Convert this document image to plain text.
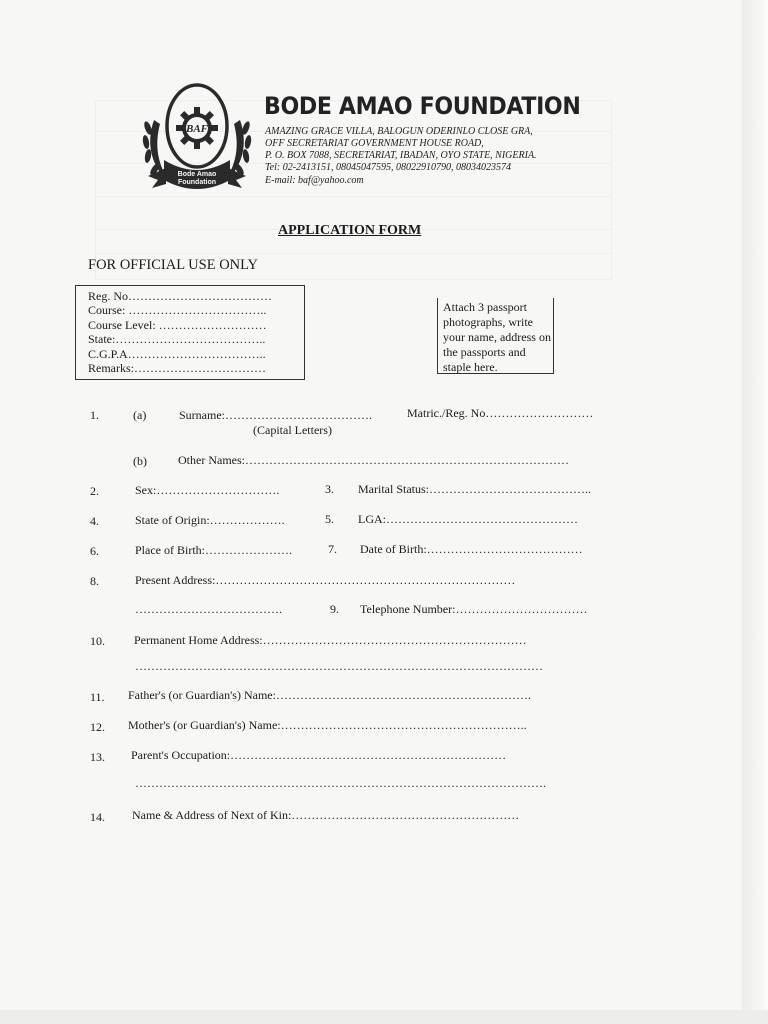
BAF
Bode Amao
Foundation
BODE AMAO FOUNDATION
AMAZING GRACE VILLA, BALOGUN ODERINLO CLOSE GRA,
OFF SECRETARIAT GOVERNMENT HOUSE ROAD,
P. O. BOX 7088, SECRETARIAT, IBADAN, OYO STATE, NIGERIA.
Tel: 02-2413151, 08045047595, 08022910790, 08034023574
E-mail: baf@yahoo.com
APPLICATION FORM
FOR OFFICIAL USE ONLY
Reg. No………………………………
Course: ……………………………..
Course Level: ………………………
State:………………………………..
C.G.P.A……………………………..
Remarks:……………………………
Attach 3 passport photographs, write your name, address on the passports and staple here.
1.	(a)	Surname:……………………………….	Matric./Reg. No………………………
(Capital Letters)
(b)	Other Names:………………………………………………………………………
2.	Sex:………………………….	3. Marital Status:…………………………………..
4.	State of Origin:……………….	5. LGA:…………………………………………
6.	Place of Birth:………………….	7. Date of Birth:…………………………………
8.	Present Address:…………………………………………………………………
……………………………….	9. Telephone Number:……………………………
10. Permanent Home Address:…………………………………………………………
…………………………………………………………………………………………
11. Father's (or Guardian's) Name:……………………………………………………….
12. Mother's (or Guardian's) Name:……………………………………………………..
13. Parent's Occupation:……………………………………………………………
………………………………………………………………………………………….
14. Name & Address of Next of Kin:…………………………………………………
